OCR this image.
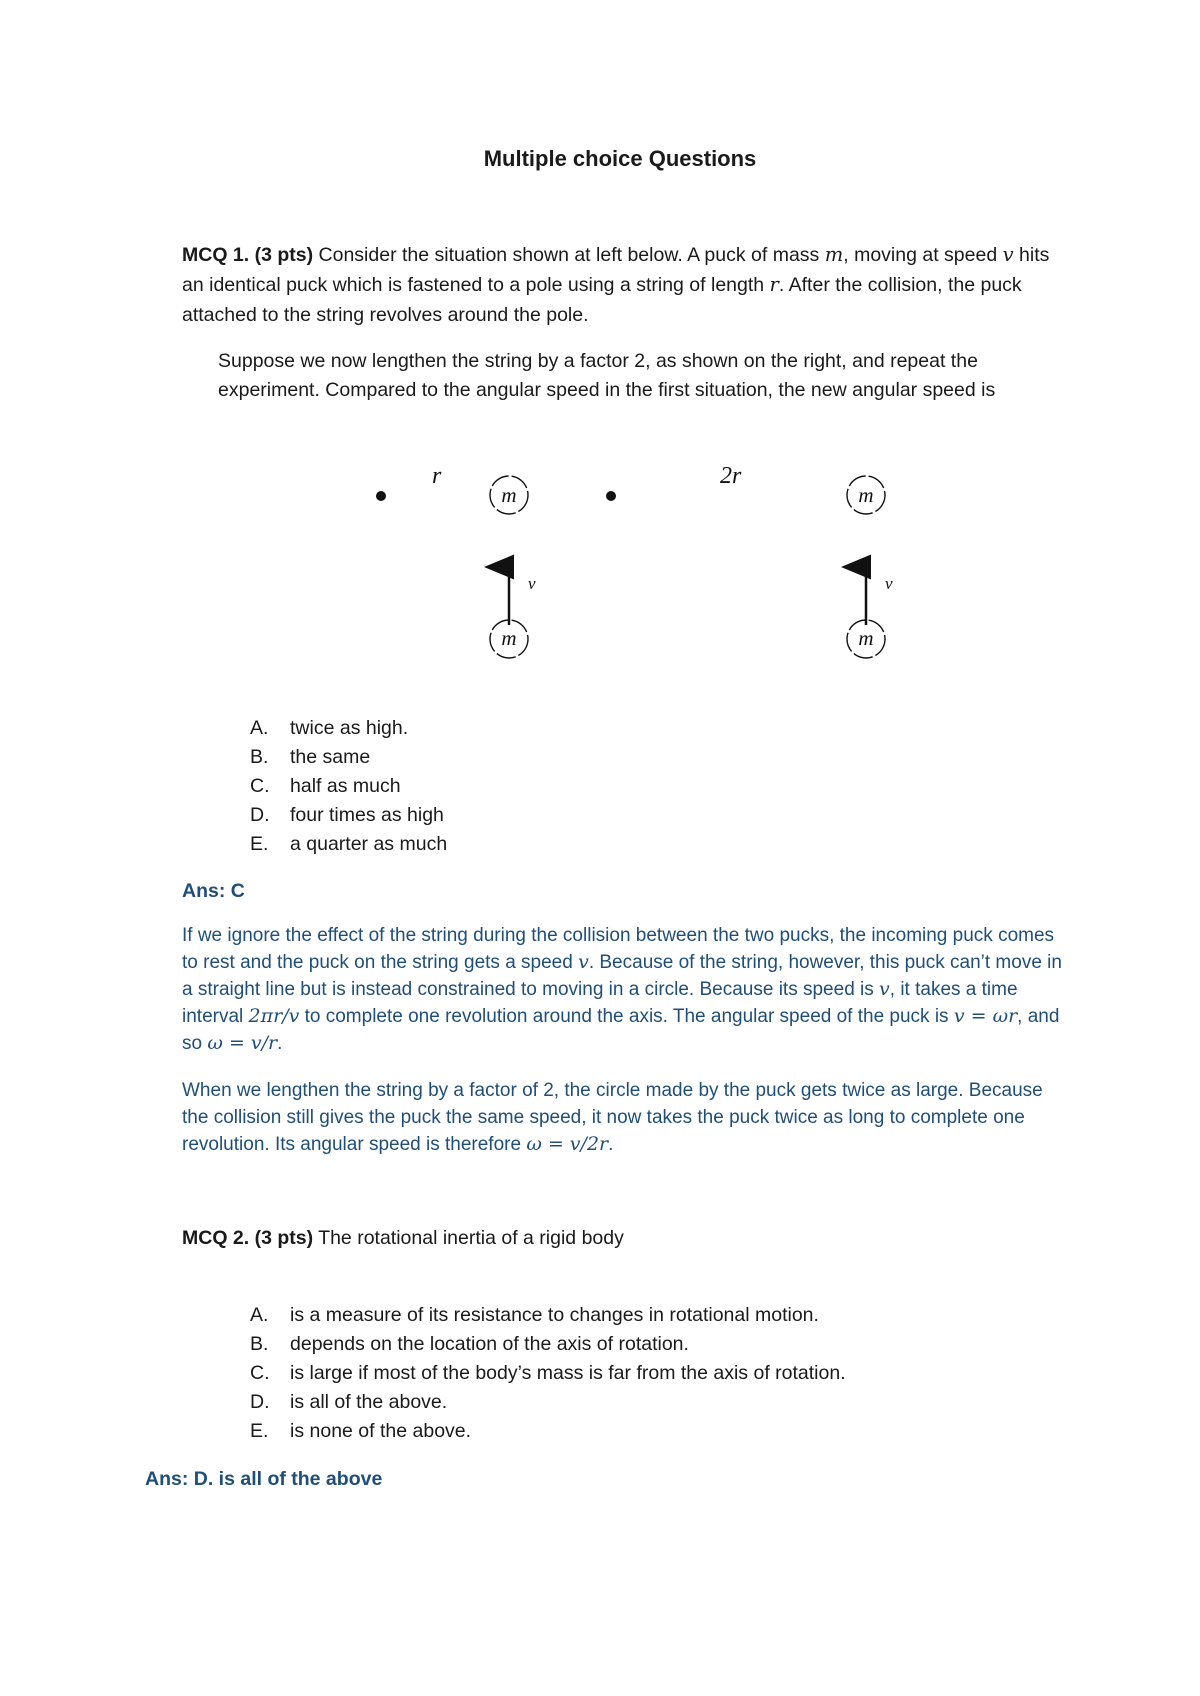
Multiple choice Questions
MCQ 1. (3 pts) Consider the situation shown at left below. A puck of mass m, moving at speed v hits an identical puck which is fastened to a pole using a string of length r. After the collision, the puck attached to the string revolves around the pole.
Suppose we now lengthen the string by a factor 2, as shown on the right, and repeat the experiment. Compared to the angular speed in the first situation, the new angular speed is
r
m
v
m
2r
m
v
m
A.	twice as high.
B.	the same
C.	half as much
D.	four times as high
E.	a quarter as much
Ans: C
If we ignore the effect of the string during the collision between the two pucks, the incoming puck comes to rest and the puck on the string gets a speed v. Because of the string, however, this puck can’t move in a straight line but is instead constrained to moving in a circle. Because its speed is v, it takes a time interval 2πr/v to complete one revolution around the axis. The angular speed of the puck is v = ωr, and so ω = v/r.
When we lengthen the string by a factor of 2, the circle made by the puck gets twice as large. Because the collision still gives the puck the same speed, it now takes the puck twice as long to complete one revolution. Its angular speed is therefore ω = v/2r.
MCQ 2. (3 pts) The rotational inertia of a rigid body
A.	is a measure of its resistance to changes in rotational motion.
B.	depends on the location of the axis of rotation.
C.	is large if most of the body’s mass is far from the axis of rotation.
D.	is all of the above.
E.	is none of the above.
Ans: D. is all of the above
